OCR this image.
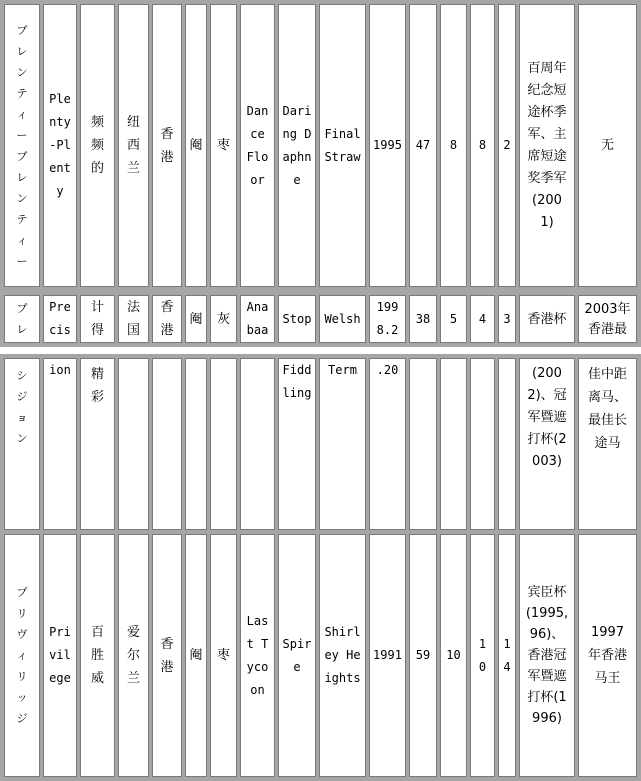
プレンティーブレンティー
Plenty-Plenty
频频的
纽西兰
香港
阉 枣
Dance Floor
Daring Daphne
Final Straw
1995 47 8 8 2
百周年纪念短途杯季军、主席短途奖季军(2001)
无
プレ
Precis
计得
法国
香港
阉 灰
Anabaa
Stop Welsh
1998.2
38 5 4 3 香港杯
2003年香港最
シジョン
ion 精彩
Fiddling
Term .20	(2002)、冠军暨遮打杯(2003)
佳中距离马、最佳长途马
プリヴィリッジ
Privilege
百胜威
爱尔兰
香港
阉 枣
Last Tycoon
Spire
Shirley Heights
1991 59 10
10
14
宾臣杯(1995,96)、香港冠军暨遮打杯(1996)
1997年香港马王
